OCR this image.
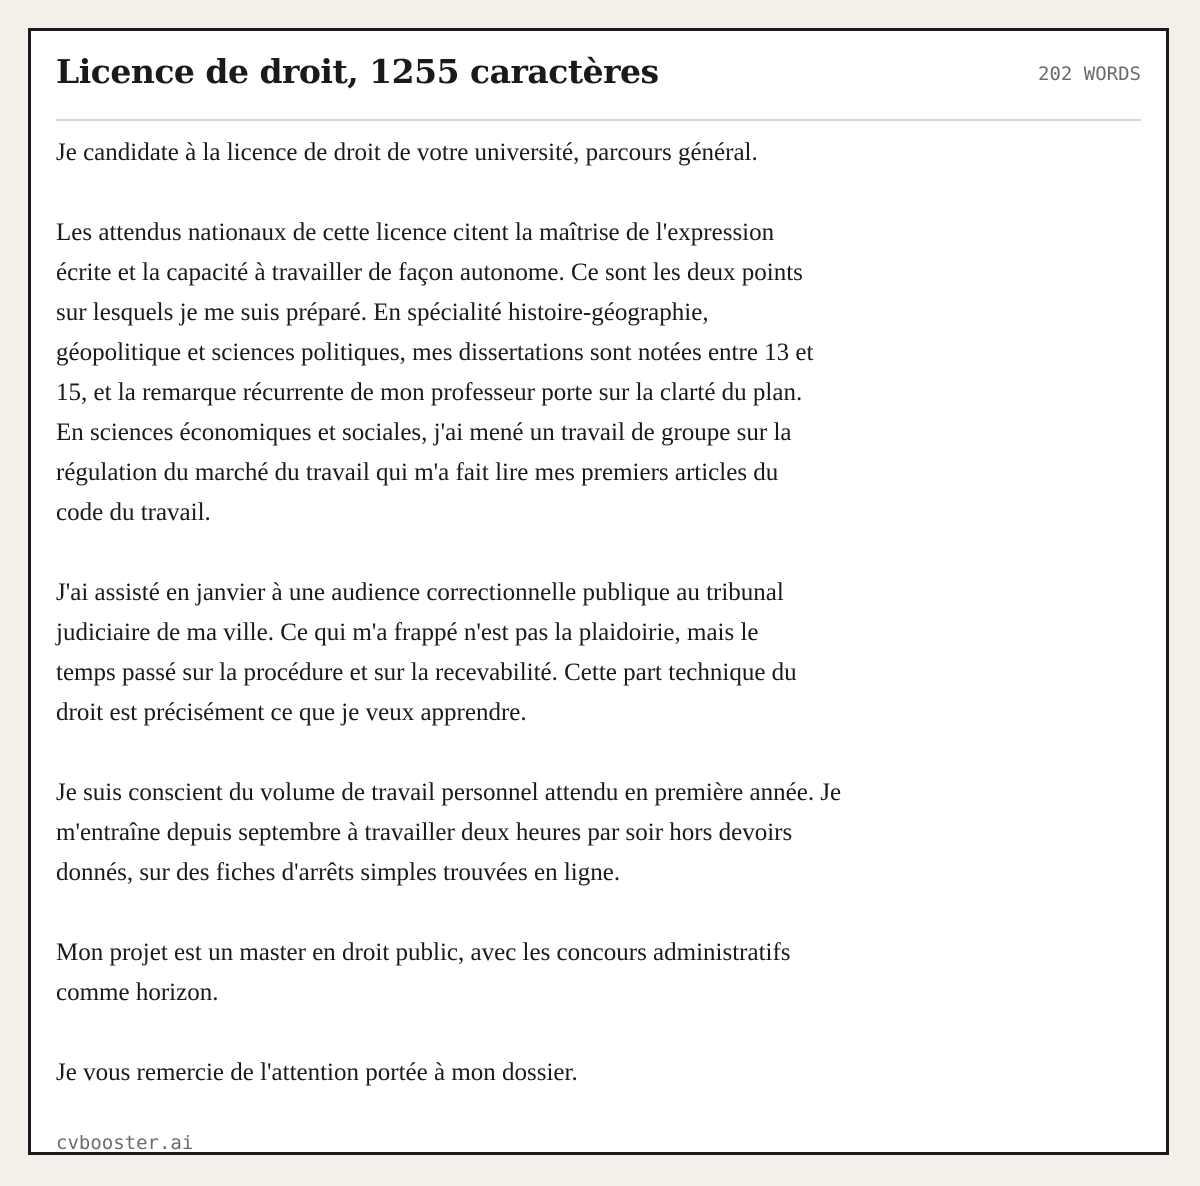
Licence de droit, 1255 caractères	202 WORDS

Je candidate à la licence de droit de votre université, parcours général.

Les attendus nationaux de cette licence citent la maîtrise de l'expression
écrite et la capacité à travailler de façon autonome. Ce sont les deux points
sur lesquels je me suis préparé. En spécialité histoire-géographie,
géopolitique et sciences politiques, mes dissertations sont notées entre 13 et
15, et la remarque récurrente de mon professeur porte sur la clarté du plan.
En sciences économiques et sociales, j'ai mené un travail de groupe sur la
régulation du marché du travail qui m'a fait lire mes premiers articles du
code du travail.

J'ai assisté en janvier à une audience correctionnelle publique au tribunal
judiciaire de ma ville. Ce qui m'a frappé n'est pas la plaidoirie, mais le
temps passé sur la procédure et sur la recevabilité. Cette part technique du
droit est précisément ce que je veux apprendre.

Je suis conscient du volume de travail personnel attendu en première année. Je
m'entraîne depuis septembre à travailler deux heures par soir hors devoirs
donnés, sur des fiches d'arrêts simples trouvées en ligne.

Mon projet est un master en droit public, avec les concours administratifs
comme horizon.

Je vous remercie de l'attention portée à mon dossier.

cvbooster.ai
